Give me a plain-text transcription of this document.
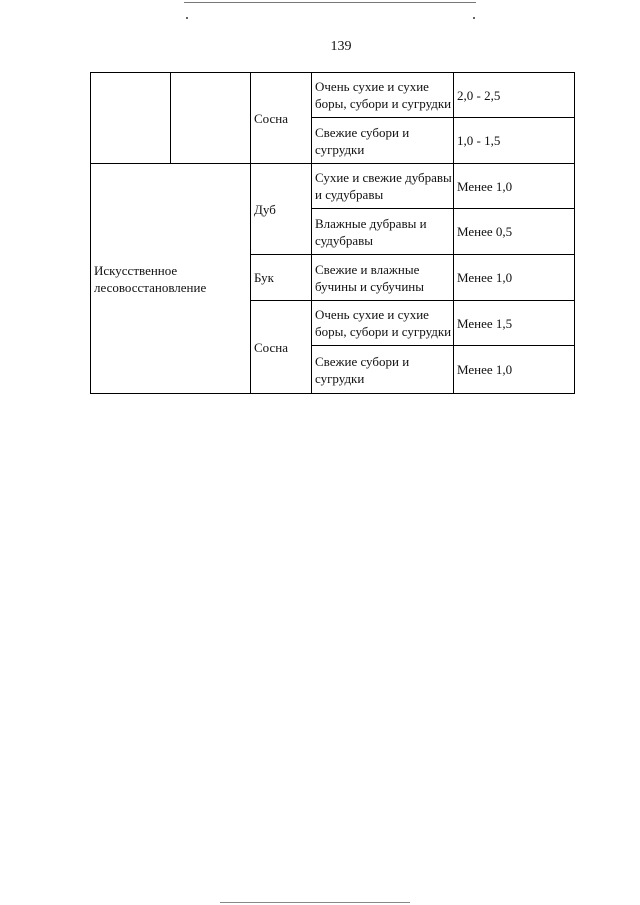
139
		Сосна	Очень сухие и сухие боры, субори и сугрудки	2,0 - 2,5
			Свежие субори и сугрудки	1,0 - 1,5
Искусственное лесовосстановление		Дуб	Сухие и свежие дубравы и судубравы	Менее 1,0
			Влажные дубравы и судубравы	Менее 0,5
		Бук	Свежие и влажные бучины и субучины	Менее 1,0
		Сосна	Очень сухие и сухие боры, субори и сугрудки	Менее 1,5
			Свежие субори и сугрудки	Менее 1,0
